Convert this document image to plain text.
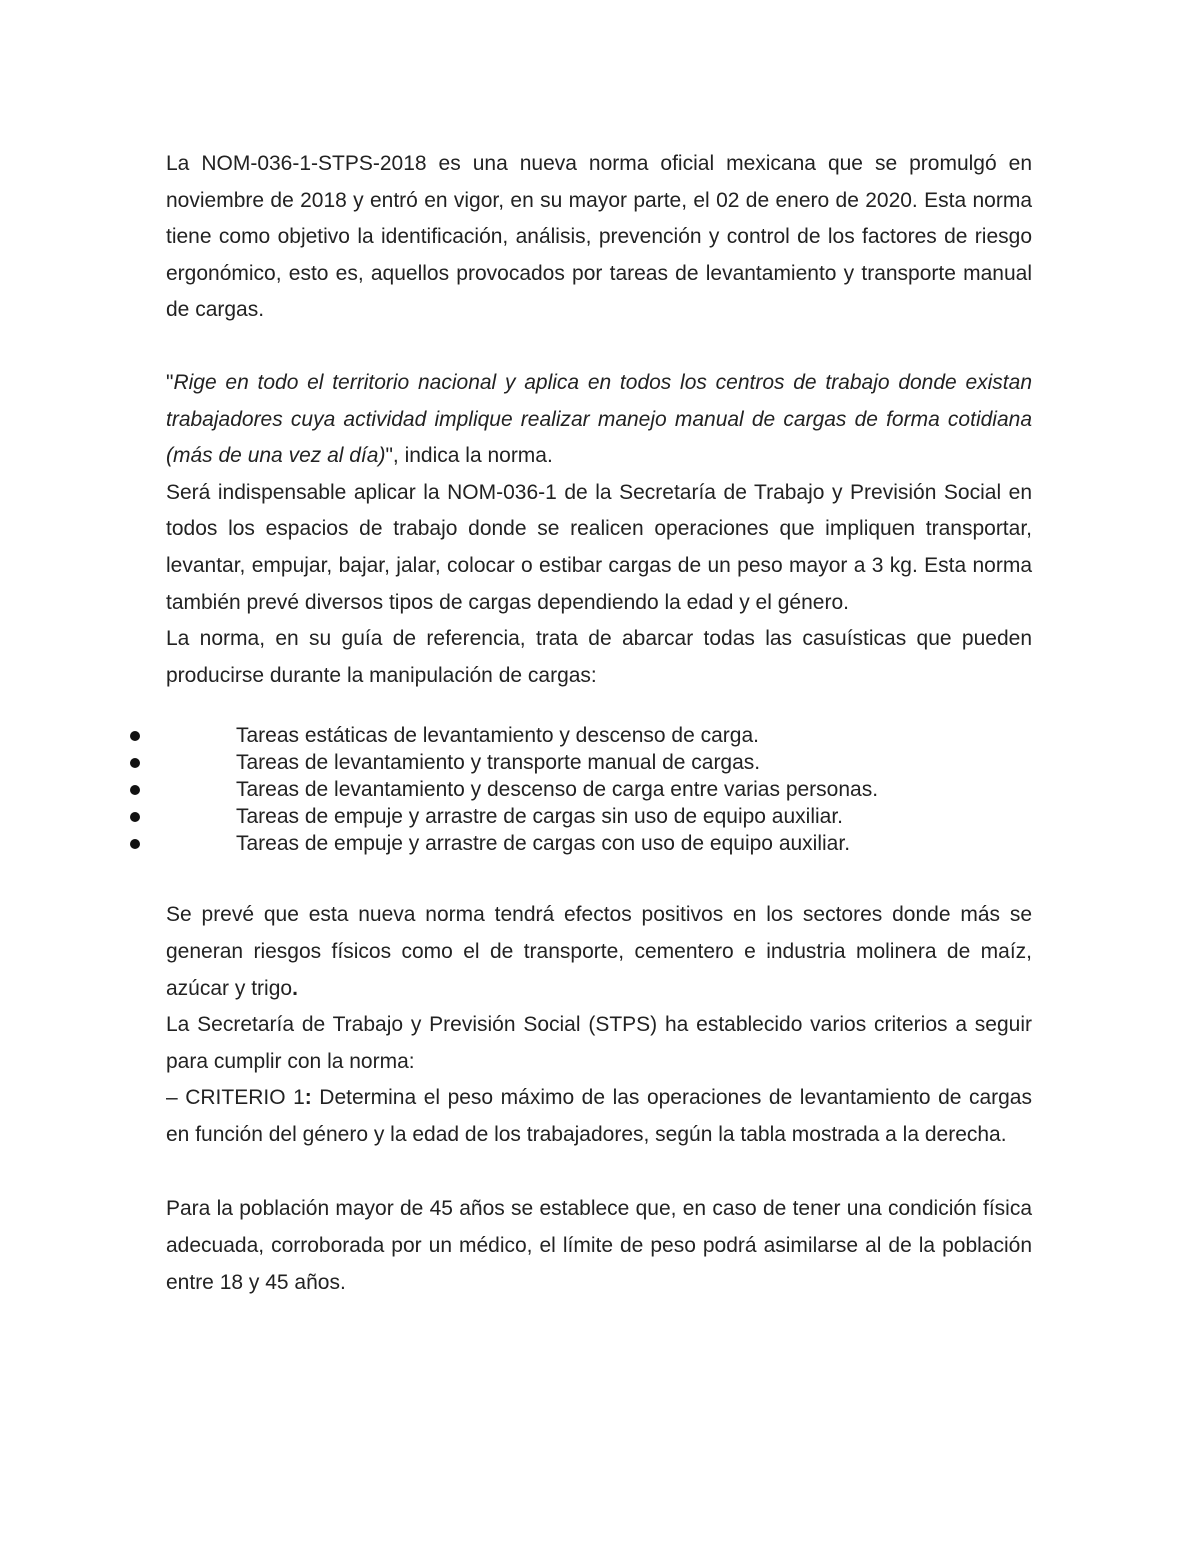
La NOM-036-1-STPS-2018 es una nueva norma oficial mexicana que se promulgó en noviembre de 2018 y entró en vigor, en su mayor parte, el 02 de enero de 2020. Esta norma tiene como objetivo la identificación, análisis, prevención y control de los factores de riesgo ergonómico, esto es, aquellos provocados por tareas de levantamiento y transporte manual de cargas.

"Rige en todo el territorio nacional y aplica en todos los centros de trabajo donde existan trabajadores cuya actividad implique realizar manejo manual de cargas de forma cotidiana (más de una vez al día)", indica la norma.

Será indispensable aplicar la NOM-036-1 de la Secretaría de Trabajo y Previsión Social en todos los espacios de trabajo donde se realicen operaciones que impliquen transportar, levantar, empujar, bajar, jalar, colocar o estibar cargas de un peso mayor a 3 kg. Esta norma también prevé diversos tipos de cargas dependiendo la edad y el género.

La norma, en su guía de referencia, trata de abarcar todas las casuísticas que pueden producirse durante la manipulación de cargas:

Tareas estáticas de levantamiento y descenso de carga.
Tareas de levantamiento y transporte manual de cargas.
Tareas de levantamiento y descenso de carga entre varias personas.
Tareas de empuje y arrastre de cargas sin uso de equipo auxiliar.
Tareas de empuje y arrastre de cargas con uso de equipo auxiliar.

Se prevé que esta nueva norma tendrá efectos positivos en los sectores donde más se generan riesgos físicos como el de transporte, cementero e industria molinera de maíz, azúcar y trigo.

La Secretaría de Trabajo y Previsión Social (STPS) ha establecido varios criterios a seguir para cumplir con la norma:

– CRITERIO 1: Determina el peso máximo de las operaciones de levantamiento de cargas en función del género y la edad de los trabajadores, según la tabla mostrada a la derecha.

Para la población mayor de 45 años se establece que, en caso de tener una condición física adecuada, corroborada por un médico, el límite de peso podrá asimilarse al de la población entre 18 y 45 años.
